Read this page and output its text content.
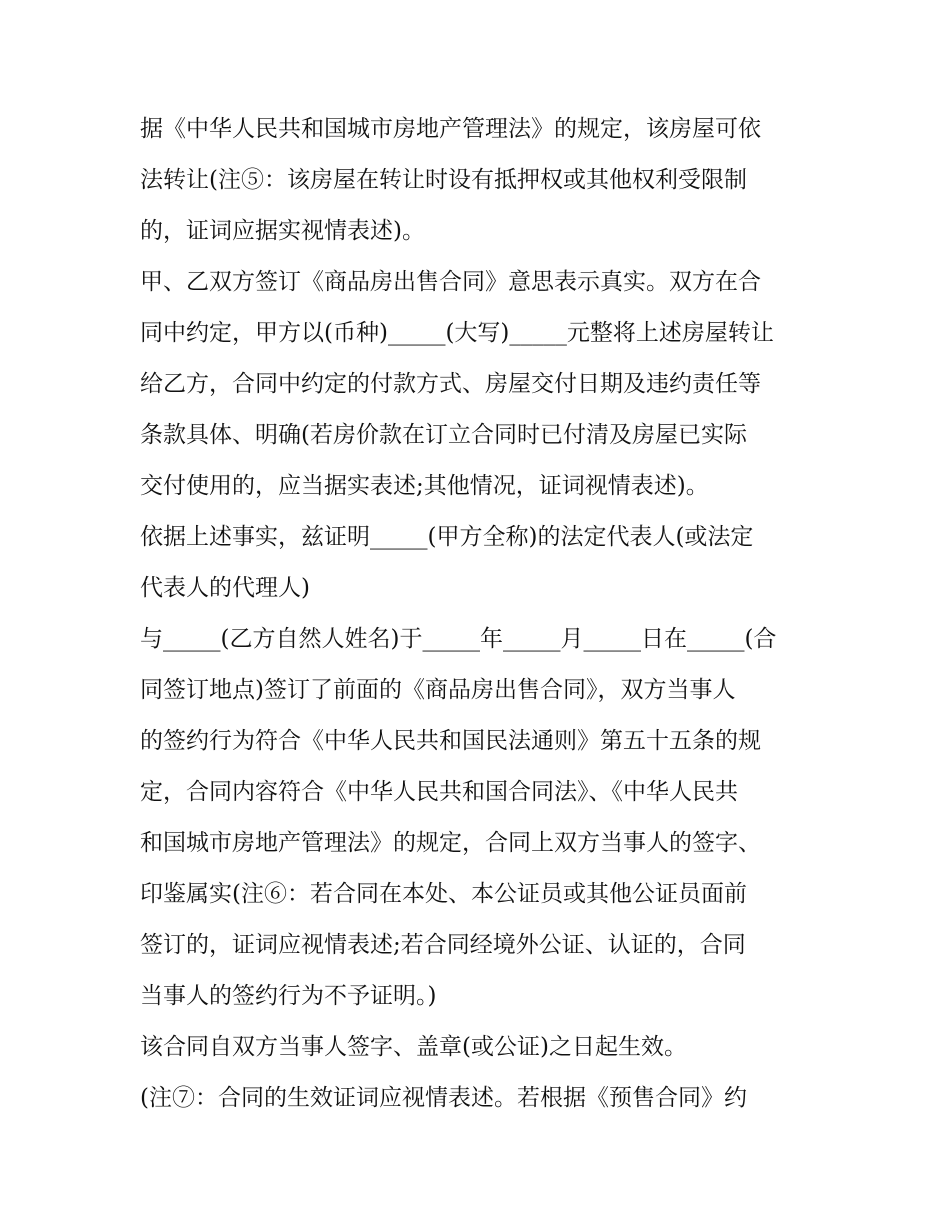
据《中华人民共和国城市房地产管理法》的规定，该房屋可依
法转让(注⑤：该房屋在转让时设有抵押权或其他权利受限制
的，证词应据实视情表述)。
甲、乙双方签订《商品房出售合同》意思表示真实。双方在合
同中约定，甲方以(币种)_____(大写)_____元整将上述房屋转让
给乙方，合同中约定的付款方式、房屋交付日期及违约责任等
条款具体、明确(若房价款在订立合同时已付清及房屋已实际
交付使用的，应当据实表述;其他情况，证词视情表述)。
依据上述事实，兹证明_____(甲方全称)的法定代表人(或法定
代表人的代理人)
与_____(乙方自然人姓名)于_____年_____月_____日在_____(合
同签订地点)签订了前面的《商品房出售合同》，双方当事人
的签约行为符合《中华人民共和国民法通则》第五十五条的规
定，合同内容符合《中华人民共和国合同法》、《中华人民共
和国城市房地产管理法》的规定，合同上双方当事人的签字、
印鉴属实(注⑥：若合同在本处、本公证员或其他公证员面前
签订的，证词应视情表述;若合同经境外公证、认证的，合同
当事人的签约行为不予证明。)
该合同自双方当事人签字、盖章(或公证)之日起生效。
(注⑦：合同的生效证词应视情表述。若根据《预售合同》约
